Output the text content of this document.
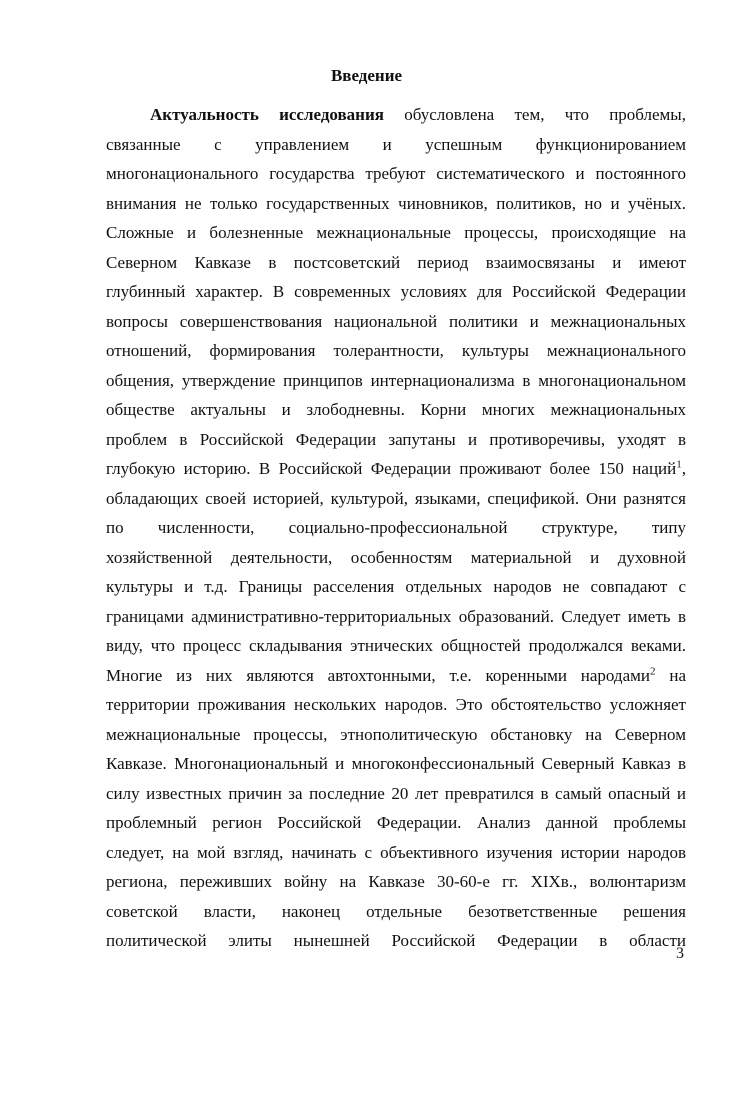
Введение
Актуальность исследования обусловлена тем, что проблемы,
связанные с управлением и успешным функционированием
многонационального государства требуют систематического и постоянного
внимания не только государственных чиновников, политиков, но и учёных.
Сложные и болезненные межнациональные процессы, происходящие на
Северном Кавказе в постсоветский период взаимосвязаны и имеют
глубинный характер. В современных условиях для Российской Федерации
вопросы совершенствования национальной политики и межнациональных
отношений, формирования толерантности, культуры межнационального
общения, утверждение принципов интернационализма в многонациональном
обществе актуальны и злободневны. Корни многих межнациональных
проблем в Российской Федерации запутаны и противоречивы, уходят в
глубокую историю. В Российской Федерации проживают более 150 наций$^1$,
обладающих своей историей, культурой, языками, спецификой. Они разнятся
по численности, социально-профессиональной структуре, типу
хозяйственной деятельности, особенностям материальной и духовной
культуры и т.д. Границы расселения отдельных народов не совпадают с
границами административно-территориальных образований. Следует иметь в
виду, что процесс складывания этнических общностей продолжался веками.
Многие из них являются автохтонными, т.е. коренными народами$^2$ на
территории проживания нескольких народов. Это обстоятельство усложняет
межнациональные процессы, этнополитическую обстановку на Северном
Кавказе. Многонациональный и многоконфессиональный Северный Кавказ в
силу известных причин за последние 20 лет превратился в самый опасный и
проблемный регион Российской Федерации. Анализ данной проблемы
следует, на мой взгляд, начинать с объективного изучения истории народов
региона, переживших войну на Кавказе 30-60-е гг. XIXв., волюнтаризм
советской власти, наконец отдельные безответственные решения
политической элиты нынешней Российской Федерации в области
3
